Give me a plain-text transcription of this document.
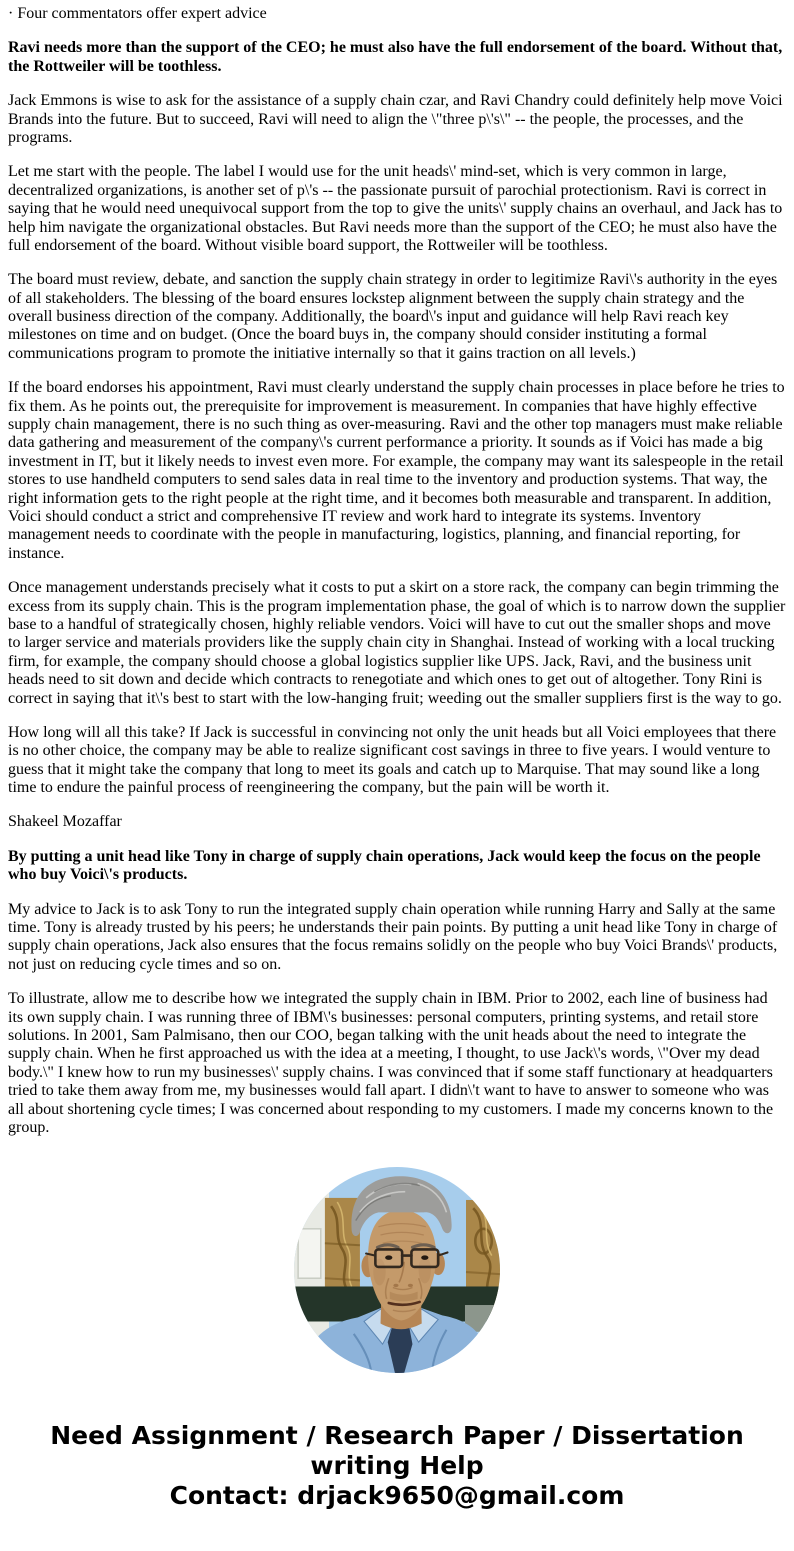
· Four commentators offer expert advice

Ravi needs more than the support of the CEO; he must also have the full endorsement of the board. Without that, the Rottweiler will be toothless.

Jack Emmons is wise to ask for the assistance of a supply chain czar, and Ravi Chandry could definitely help move Voici Brands into the future. But to succeed, Ravi will need to align the \"three p\'s\" -- the people, the processes, and the programs.

Let me start with the people. The label I would use for the unit heads\' mind-set, which is very common in large, decentralized organizations, is another set of p\'s -- the passionate pursuit of parochial protectionism. Ravi is correct in saying that he would need unequivocal support from the top to give the units\' supply chains an overhaul, and Jack has to help him navigate the organizational obstacles. But Ravi needs more than the support of the CEO; he must also have the full endorsement of the board. Without visible board support, the Rottweiler will be toothless.

The board must review, debate, and sanction the supply chain strategy in order to legitimize Ravi\'s authority in the eyes of all stakeholders. The blessing of the board ensures lockstep alignment between the supply chain strategy and the overall business direction of the company. Additionally, the board\'s input and guidance will help Ravi reach key milestones on time and on budget. (Once the board buys in, the company should consider instituting a formal communications program to promote the initiative internally so that it gains traction on all levels.)

If the board endorses his appointment, Ravi must clearly understand the supply chain processes in place before he tries to fix them. As he points out, the prerequisite for improvement is measurement. In companies that have highly effective supply chain management, there is no such thing as over-measuring. Ravi and the other top managers must make reliable data gathering and measurement of the company\'s current performance a priority. It sounds as if Voici has made a big investment in IT, but it likely needs to invest even more. For example, the company may want its salespeople in the retail stores to use handheld computers to send sales data in real time to the inventory and production systems. That way, the right information gets to the right people at the right time, and it becomes both measurable and transparent. In addition, Voici should conduct a strict and comprehensive IT review and work hard to integrate its systems. Inventory management needs to coordinate with the people in manufacturing, logistics, planning, and financial reporting, for instance.

Once management understands precisely what it costs to put a skirt on a store rack, the company can begin trimming the excess from its supply chain. This is the program implementation phase, the goal of which is to narrow down the supplier base to a handful of strategically chosen, highly reliable vendors. Voici will have to cut out the smaller shops and move to larger service and materials providers like the supply chain city in Shanghai. Instead of working with a local trucking firm, for example, the company should choose a global logistics supplier like UPS. Jack, Ravi, and the business unit heads need to sit down and decide which contracts to renegotiate and which ones to get out of altogether. Tony Rini is correct in saying that it\'s best to start with the low-hanging fruit; weeding out the smaller suppliers first is the way to go.

How long will all this take? If Jack is successful in convincing not only the unit heads but all Voici employees that there is no other choice, the company may be able to realize significant cost savings in three to five years. I would venture to guess that it might take the company that long to meet its goals and catch up to Marquise. That may sound like a long time to endure the painful process of reengineering the company, but the pain will be worth it.

Shakeel Mozaffar

By putting a unit head like Tony in charge of supply chain operations, Jack would keep the focus on the people who buy Voici\'s products.

My advice to Jack is to ask Tony to run the integrated supply chain operation while running Harry and Sally at the same time. Tony is already trusted by his peers; he understands their pain points. By putting a unit head like Tony in charge of supply chain operations, Jack also ensures that the focus remains solidly on the people who buy Voici Brands\' products, not just on reducing cycle times and so on.

To illustrate, allow me to describe how we integrated the supply chain in IBM. Prior to 2002, each line of business had its own supply chain. I was running three of IBM\'s businesses: personal computers, printing systems, and retail store solutions. In 2001, Sam Palmisano, then our COO, began talking with the unit heads about the need to integrate the supply chain. When he first approached us with the idea at a meeting, I thought, to use Jack\'s words, \"Over my dead body.\" I knew how to run my businesses\' supply chains. I was convinced that if some staff functionary at headquarters tried to take them away from me, my businesses would fall apart. I didn\'t want to have to answer to someone who was all about shortening cycle times; I was concerned about responding to my customers. I made my concerns known to the group.

Need Assignment / Research Paper / Dissertation
writing Help
Contact: drjack9650@gmail.com
